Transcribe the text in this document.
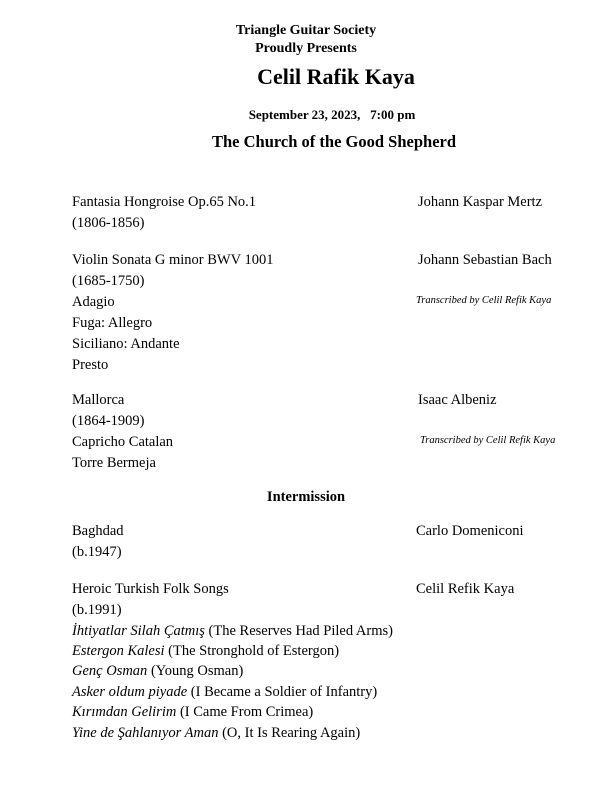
Triangle Guitar Society
Proudly Presents
Celil Rafik Kaya
September 23, 2023,   7:00 pm
The Church of the Good Shepherd
Fantasia Hongroise Op.65 No.1	Johann Kaspar Mertz
(1806-1856)
Violin Sonata G minor BWV 1001	Johann Sebastian Bach
(1685-1750)
Adagio	Transcribed by Celil Refik Kaya
Fuga: Allegro
Siciliano: Andante
Presto
Mallorca	Isaac Albeniz
(1864-1909)
Capricho Catalan	Transcribed by Celil Refik Kaya
Torre Bermeja
Intermission
Baghdad	Carlo Domeniconi
(b.1947)
Heroic Turkish Folk Songs	Celil Refik Kaya
(b.1991)
İhtiyatlar Silah Çatmış (The Reserves Had Piled Arms)
Estergon Kalesi (The Stronghold of Estergon)
Genç Osman (Young Osman)
Asker oldum piyade (I Became a Soldier of Infantry)
Kırımdan Gelirim (I Came From Crimea)
Yine de Şahlanıyor Aman (O, It Is Rearing Again)
